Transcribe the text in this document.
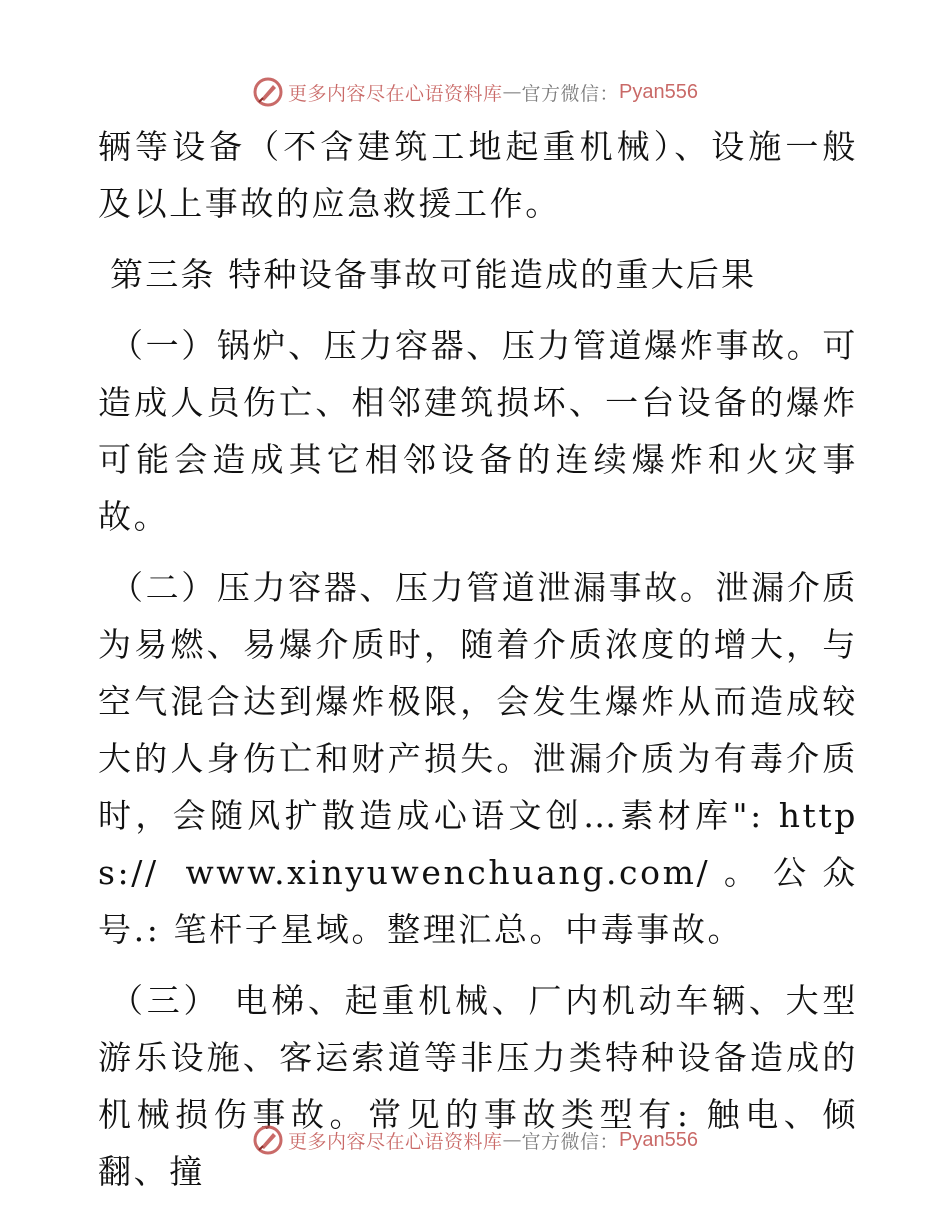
更多内容尽在心语资料库 — 官方微信： Pyan556

辆等设备（不含建筑工地起重机械）、设施一般及以上事故的应急救援工作。

第三条 特种设备事故可能造成的重大后果

（一）锅炉、压力容器、压力管道爆炸事故。可造成人员伤亡、相邻建筑损坏、一台设备的爆炸可能会造成其它相邻设备的连续爆炸和火灾事故。

（二）压力容器、压力管道泄漏事故。泄漏介质为易燃、易爆介质时，随着介质浓度的增大，与空气混合达到爆炸极限，会发生爆炸从而造成较大的人身伤亡和财产损失。泄漏介质为有毒介质时，会随风扩散造成心语文创…素材库": https:// www.xinyuwenchuang.com/。公众号.: 笔杆子星域。整理汇总。中毒事故。

（三） 电梯、起重机械、厂内机动车辆、大型游乐设施、客运索道等非压力类特种设备造成的机械损伤事故。常见的事故类型有: 触电、倾翻、撞

更多内容尽在心语资料库 — 官方微信： Pyan556
